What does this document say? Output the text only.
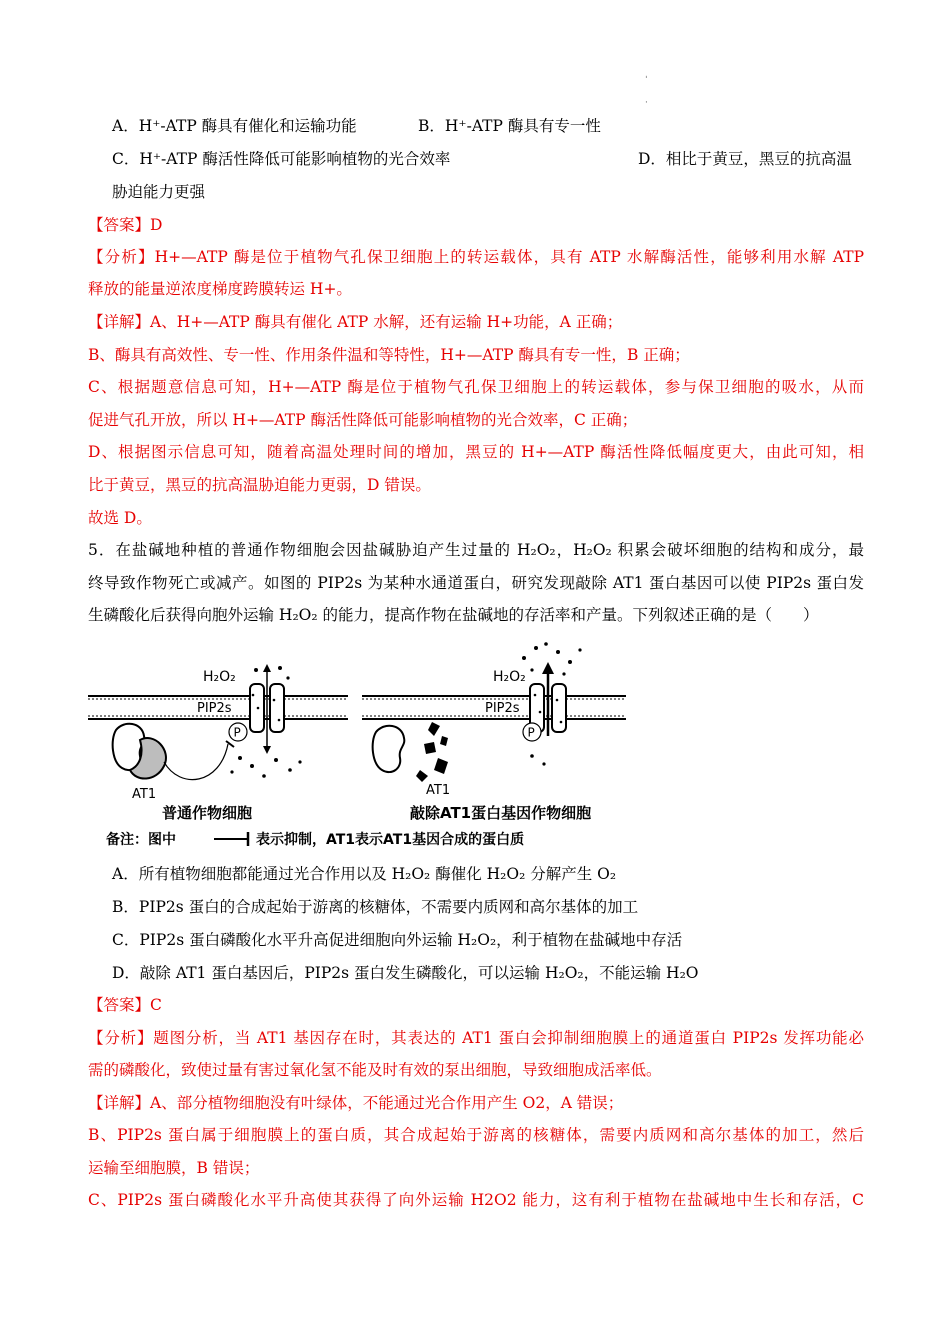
ˈ
·
A．H⁺-ATP 酶具有催化和运输功能	B．H⁺-ATP 酶具有专一性
C．H⁺-ATP 酶活性降低可能影响植物的光合效率	D．相比于黄豆，黑豆的抗高温
胁迫能力更强
【答案】D
【分析】H+—ATP 酶是位于植物气孔保卫细胞上的转运载体，具有 ATP 水解酶活性，能够利用水解 ATP
释放的能量逆浓度梯度跨膜转运 H+。
【详解】A、H+—ATP 酶具有催化 ATP 水解，还有运输 H+功能，A 正确；
B、酶具有高效性、专一性、作用条件温和等特性，H+—ATP 酶具有专一性，B 正确；
C、根据题意信息可知，H+—ATP 酶是位于植物气孔保卫细胞上的转运载体，参与保卫细胞的吸水，从而
促进气孔开放，所以 H+—ATP 酶活性降低可能影响植物的光合效率，C 正确；
D、根据图示信息可知，随着高温处理时间的增加，黑豆的 H+—ATP 酶活性降低幅度更大，由此可知，相
比于黄豆，黑豆的抗高温胁迫能力更弱，D 错误。
故选 D。
5．在盐碱地种植的普通作物细胞会因盐碱胁迫产生过量的 H₂O₂，H₂O₂ 积累会破坏细胞的结构和成分，最
终导致作物死亡或减产。如图的 PIP2s 为某种水通道蛋白，研究发现敲除 AT1 蛋白基因可以使 PIP2s 蛋白发
生磷酸化后获得向胞外运输 H₂O₂ 的能力，提高作物在盐碱地的存活率和产量。下列叙述正确的是（　　）
H₂O₂
PIP2s
P
AT1
H₂O₂
PIP2s
P
AT1
普通作物细胞	敲除AT1蛋白基因作物细胞
备注：图中	表示抑制，AT1表示AT1基因合成的蛋白质
A．所有植物细胞都能通过光合作用以及 H₂O₂ 酶催化 H₂O₂ 分解产生 O₂
B．PIP2s 蛋白的合成起始于游离的核糖体，不需要内质网和高尔基体的加工
C．PIP2s 蛋白磷酸化水平升高促进细胞向外运输 H₂O₂，利于植物在盐碱地中存活
D．敲除 AT1 蛋白基因后，PIP2s 蛋白发生磷酸化，可以运输 H₂O₂，不能运输 H₂O
【答案】C
【分析】题图分析，当 AT1 基因存在时，其表达的 AT1 蛋白会抑制细胞膜上的通道蛋白 PIP2s 发挥功能必
需的磷酸化，致使过量有害过氧化氢不能及时有效的泵出细胞，导致细胞成活率低。
【详解】A、部分植物细胞没有叶绿体，不能通过光合作用产生 O2，A 错误；
B、PIP2s 蛋白属于细胞膜上的蛋白质，其合成起始于游离的核糖体，需要内质网和高尔基体的加工，然后
运输至细胞膜，B 错误；
C、PIP2s 蛋白磷酸化水平升高使其获得了向外运输 H2O2 能力，这有利于植物在盐碱地中生长和存活，C
